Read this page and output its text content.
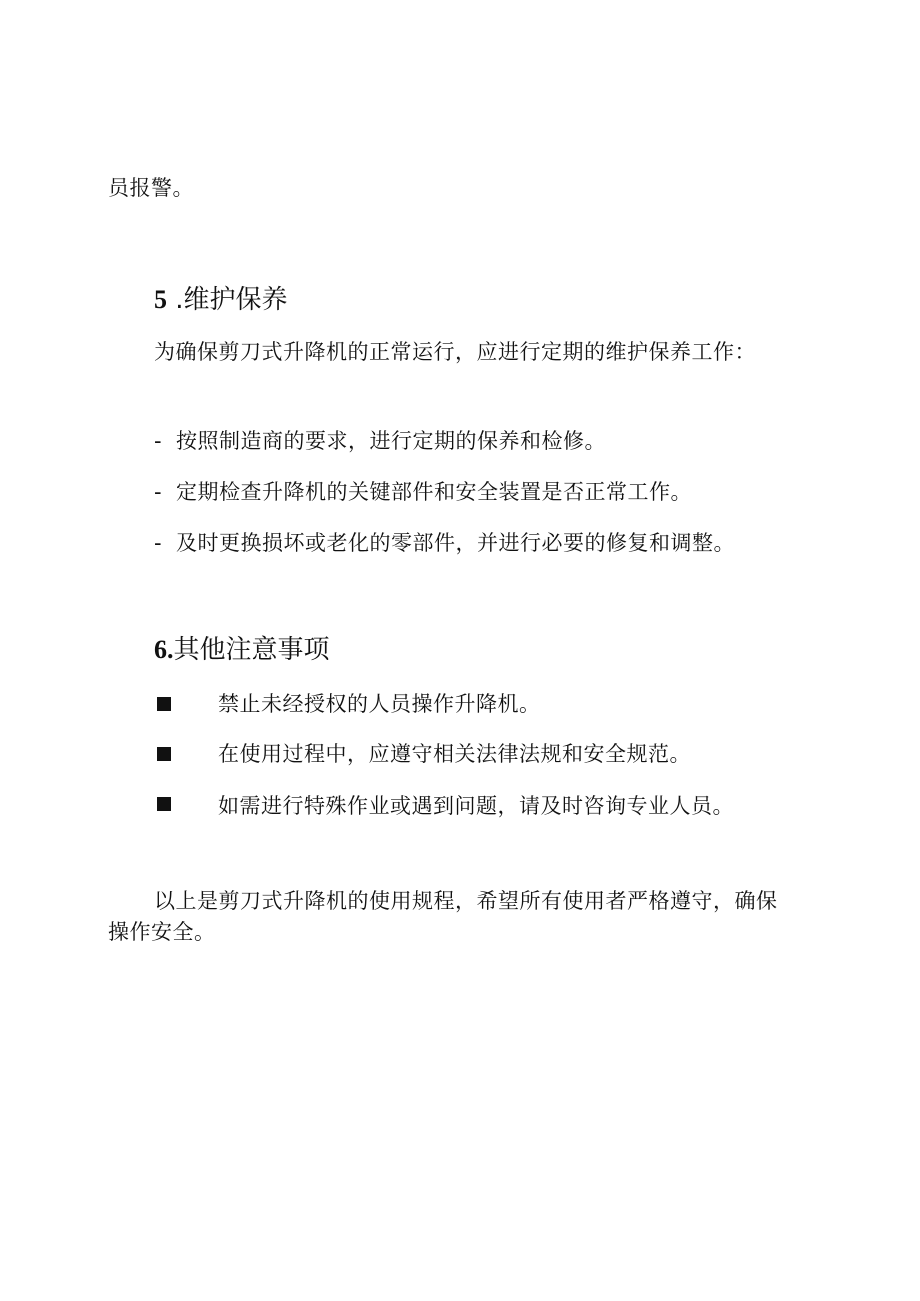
员报警。
5 .维护保养
为确保剪刀式升降机的正常运行，应进行定期的维护保养工作：
- 按照制造商的要求，进行定期的保养和检修。
- 定期检查升降机的关键部件和安全装置是否正常工作。
- 及时更换损坏或老化的零部件，并进行必要的修复和调整。
6.其他注意事项
禁止未经授权的人员操作升降机。
在使用过程中，应遵守相关法律法规和安全规范。
如需进行特殊作业或遇到问题，请及时咨询专业人员。
以上是剪刀式升降机的使用规程，希望所有使用者严格遵守，确保
操作安全。
